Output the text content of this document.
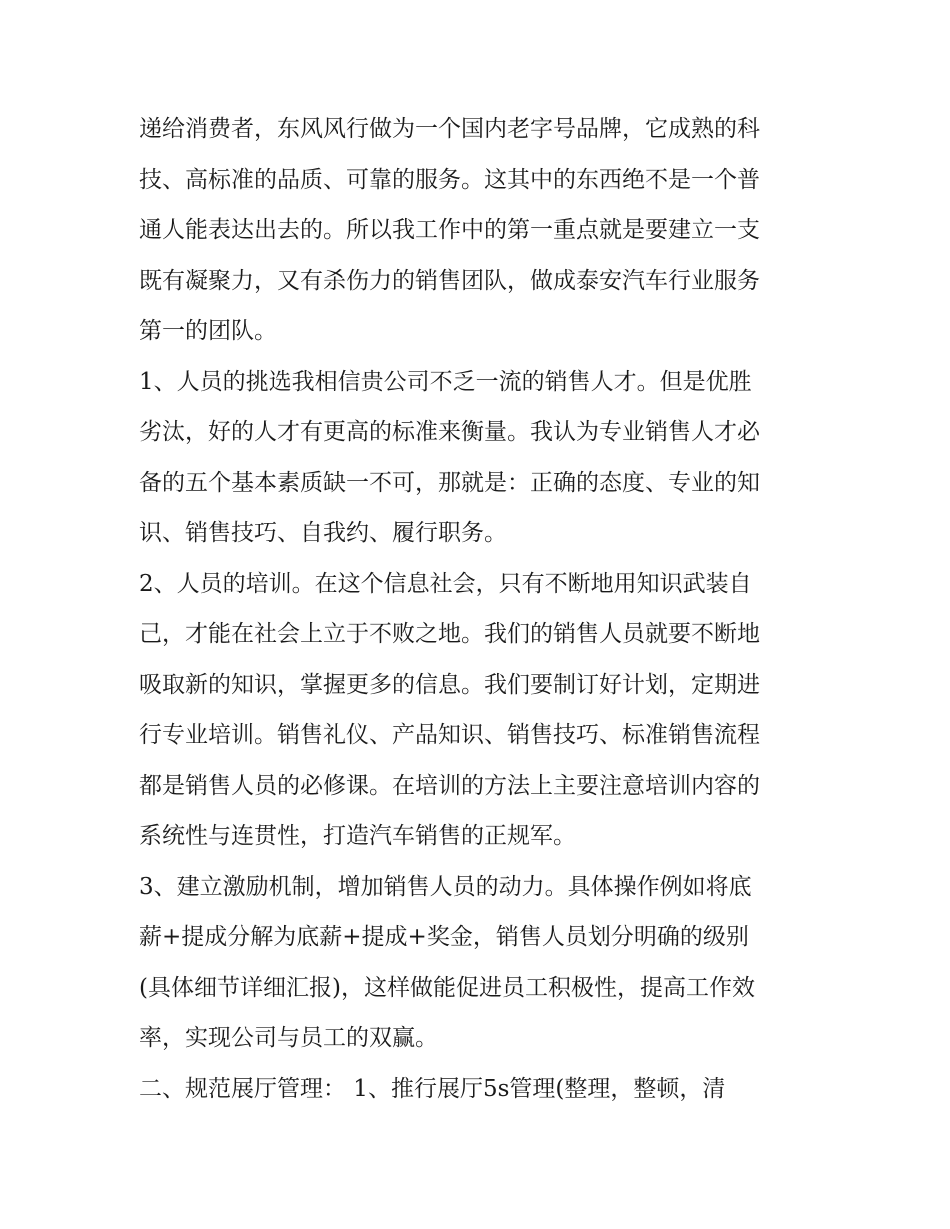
递给消费者，东风风行做为一个国内老字号品牌，它成熟的科
技、高标准的品质、可靠的服务。这其中的东西绝不是一个普
通人能表达出去的。所以我工作中的第一重点就是要建立一支
既有凝聚力，又有杀伤力的销售团队，做成泰安汽车行业服务
第一的团队。
1、人员的挑选我相信贵公司不乏一流的销售人才。但是优胜
劣汰，好的人才有更高的标准来衡量。我认为专业销售人才必
备的五个基本素质缺一不可，那就是：正确的态度、专业的知
识、销售技巧、自我约、履行职务。
2、人员的培训。在这个信息社会，只有不断地用知识武装自
己，才能在社会上立于不败之地。我们的销售人员就要不断地
吸取新的知识，掌握更多的信息。我们要制订好计划，定期进
行专业培训。销售礼仪、产品知识、销售技巧、标准销售流程
都是销售人员的必修课。在培训的方法上主要注意培训内容的
系统性与连贯性，打造汽车销售的正规军。
3、建立激励机制，增加销售人员的动力。具体操作例如将底
薪+提成分解为底薪+提成+奖金，销售人员划分明确的级别
(具体细节详细汇报)，这样做能促进员工积极性，提高工作效
率，实现公司与员工的双赢。
二、规范展厅管理： 1、推行展厅5s管理(整理，整顿，清
